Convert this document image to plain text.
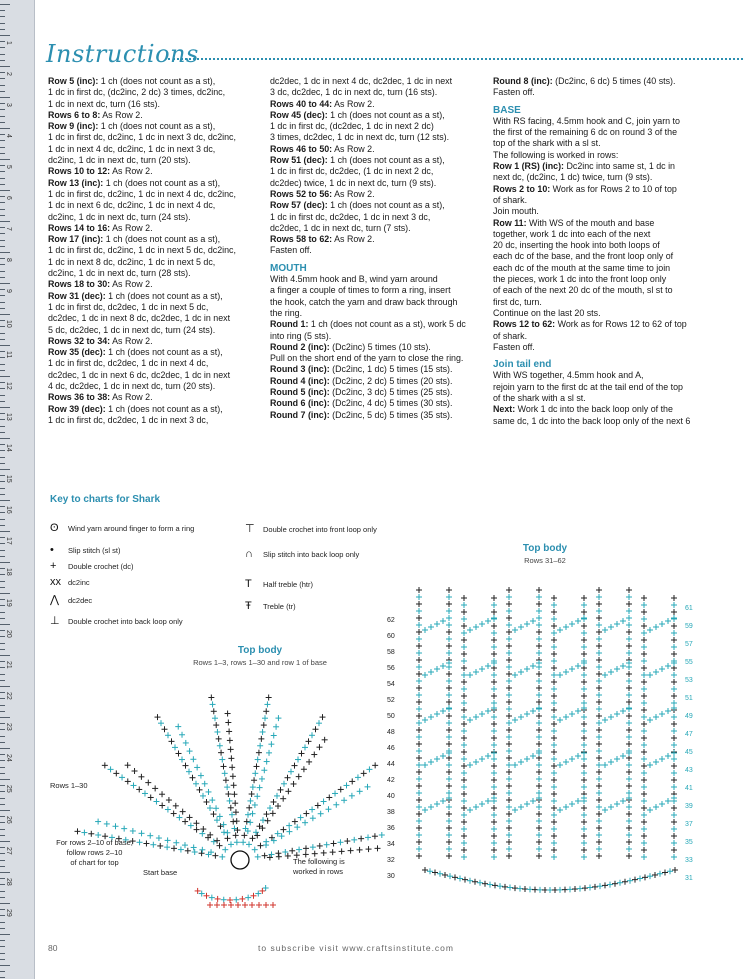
1
2
3
4
5
6
7
8
9
10
11
12
13
14
15
16
17
18
19
20
21
22
23
24
25
26
27
28
29
Instructions

Row 5 (inc): 1 ch (does not count as a st),

1 dc in first dc, (dc2inc, 2 dc) 3 times, dc2inc,

1 dc in next dc, turn (16 sts).

Rows 6 to 8: As Row 2.

Row 9 (inc): 1 ch (does not count as a st),

1 dc in first dc, dc2inc, 1 dc in next 3 dc, dc2inc,

1 dc in next 4 dc, dc2inc, 1 dc in next 3 dc,

dc2inc, 1 dc in next dc, turn (20 sts).

Rows 10 to 12: As Row 2.

Row 13 (inc): 1 ch (does not count as a st),

1 dc in first dc, dc2inc, 1 dc in next 4 dc, dc2inc,

1 dc in next 6 dc, dc2inc, 1 dc in next 4 dc,

dc2inc, 1 dc in next dc, turn (24 sts).

Rows 14 to 16: As Row 2.

Row 17 (inc): 1 ch (does not count as a st),

1 dc in first dc, dc2inc, 1 dc in next 5 dc, dc2inc,

1 dc in next 8 dc, dc2inc, 1 dc in next 5 dc,

dc2inc, 1 dc in next dc, turn (28 sts).

Rows 18 to 30: As Row 2.

Row 31 (dec): 1 ch (does not count as a st),

1 dc in first dc, dc2dec, 1 dc in next 5 dc,

dc2dec, 1 dc in next 8 dc, dc2dec, 1 dc in next

5 dc, dc2dec, 1 dc in next dc, turn (24 sts).

Rows 32 to 34: As Row 2.

Row 35 (dec): 1 ch (does not count as a st),

1 dc in first dc, dc2dec, 1 dc in next 4 dc,

dc2dec, 1 dc in next 6 dc, dc2dec, 1 dc in next

4 dc, dc2dec, 1 dc in next dc, turn (20 sts).

Rows 36 to 38: As Row 2.

Row 39 (dec): 1 ch (does not count as a st),

1 dc in first dc, dc2dec, 1 dc in next 3 dc,

dc2dec, 1 dc in next 4 dc, dc2dec, 1 dc in next

3 dc, dc2dec, 1 dc in next dc, turn (16 sts).

Rows 40 to 44: As Row 2.

Row 45 (dec): 1 ch (does not count as a st),

1 dc in first dc, (dc2dec, 1 dc in next 2 dc)

3 times, dc2dec, 1 dc in next dc, turn (12 sts).

Rows 46 to 50: As Row 2.

Row 51 (dec): 1 ch (does not count as a st),

1 dc in first dc, dc2dec, (1 dc in next 2 dc,

dc2dec) twice, 1 dc in next dc, turn (9 sts).

Rows 52 to 56: As Row 2.

Row 57 (dec): 1 ch (does not count as a st),

1 dc in first dc, dc2dec, 1 dc in next 3 dc,

dc2dec, 1 dc in next dc, turn (7 sts).

Rows 58 to 62: As Row 2.

Fasten off.

MOUTH

With 4.5mm hook and B, wind yarn around

a finger a couple of times to form a ring, insert

the hook, catch the yarn and draw back through

the ring.

Round 1: 1 ch (does not count as a st), work 5 dc

into ring (5 sts).

Round 2 (inc): (Dc2inc) 5 times (10 sts).

Pull on the short end of the yarn to close the ring.

Round 3 (inc): (Dc2inc, 1 dc) 5 times (15 sts).

Round 4 (inc): (Dc2inc, 2 dc) 5 times (20 sts).

Round 5 (inc): (Dc2inc, 3 dc) 5 times (25 sts).

Round 6 (inc): (Dc2inc, 4 dc) 5 times (30 sts).

Round 7 (inc): (Dc2inc, 5 dc) 5 times (35 sts).

Round 8 (inc): (Dc2inc, 6 dc) 5 times (40 sts).

Fasten off.

BASE

With RS facing, 4.5mm hook and C, join yarn to

the first of the remaining 6 dc on round 3 of the

top of the shark with a sl st.

The following is worked in rows:

Row 1 (RS) (inc): Dc2inc into same st, 1 dc in

next dc, (dc2inc, 1 dc) twice, turn (9 sts).

Rows 2 to 10: Work as for Rows 2 to 10 of top

of shark.

Join mouth.

Row 11: With WS of the mouth and base

together, work 1 dc into each of the next

20 dc, inserting the hook into both loops of

each dc of the base, and the front loop only of

each dc of the mouth at the same time to join

the pieces, work 1 dc into the front loop only

of each of the next 20 dc of the mouth, sl st to

first dc, turn.

Continue on the last 20 sts.

Rows 12 to 62: Work as for Rows 12 to 62 of top

of shark.

Fasten off.

Join tail end

With WS together, 4.5mm hook and A,

rejoin yarn to the first dc at the tail end of the top

of the shark with a sl st.

Next: Work 1 dc into the back loop only of the

same dc, 1 dc into the back loop only of the next 6

Key to charts for Shark
ʘ Wind yarn around finger to form a ring
• Slip stitch (sl st)
+ Double crochet (dc)
xx dc2inc
⋀ dc2dec
⊥ Double crochet into back loop only
⊤ Double crochet into front loop only
∩ Slip stitch into back loop only
T Half treble (htr)
Ŧ Treble (tr)
Top body
Rows 1–3, rows 1–30 and row 1 of base
Rows 1–30
For rows 2–10 of base,
follow rows 2–10
of chart for top
Start base
The following is
worked in rows
Top body
Rows 31–62
62
60
58
56
54
52
50
48
46
44
42
40
38
36
34
32
30
61
59
57
55
53
51
49
47
45
43
41
39
37
35
33
31
80	to subscribe visit www.craftsinstitute.com
